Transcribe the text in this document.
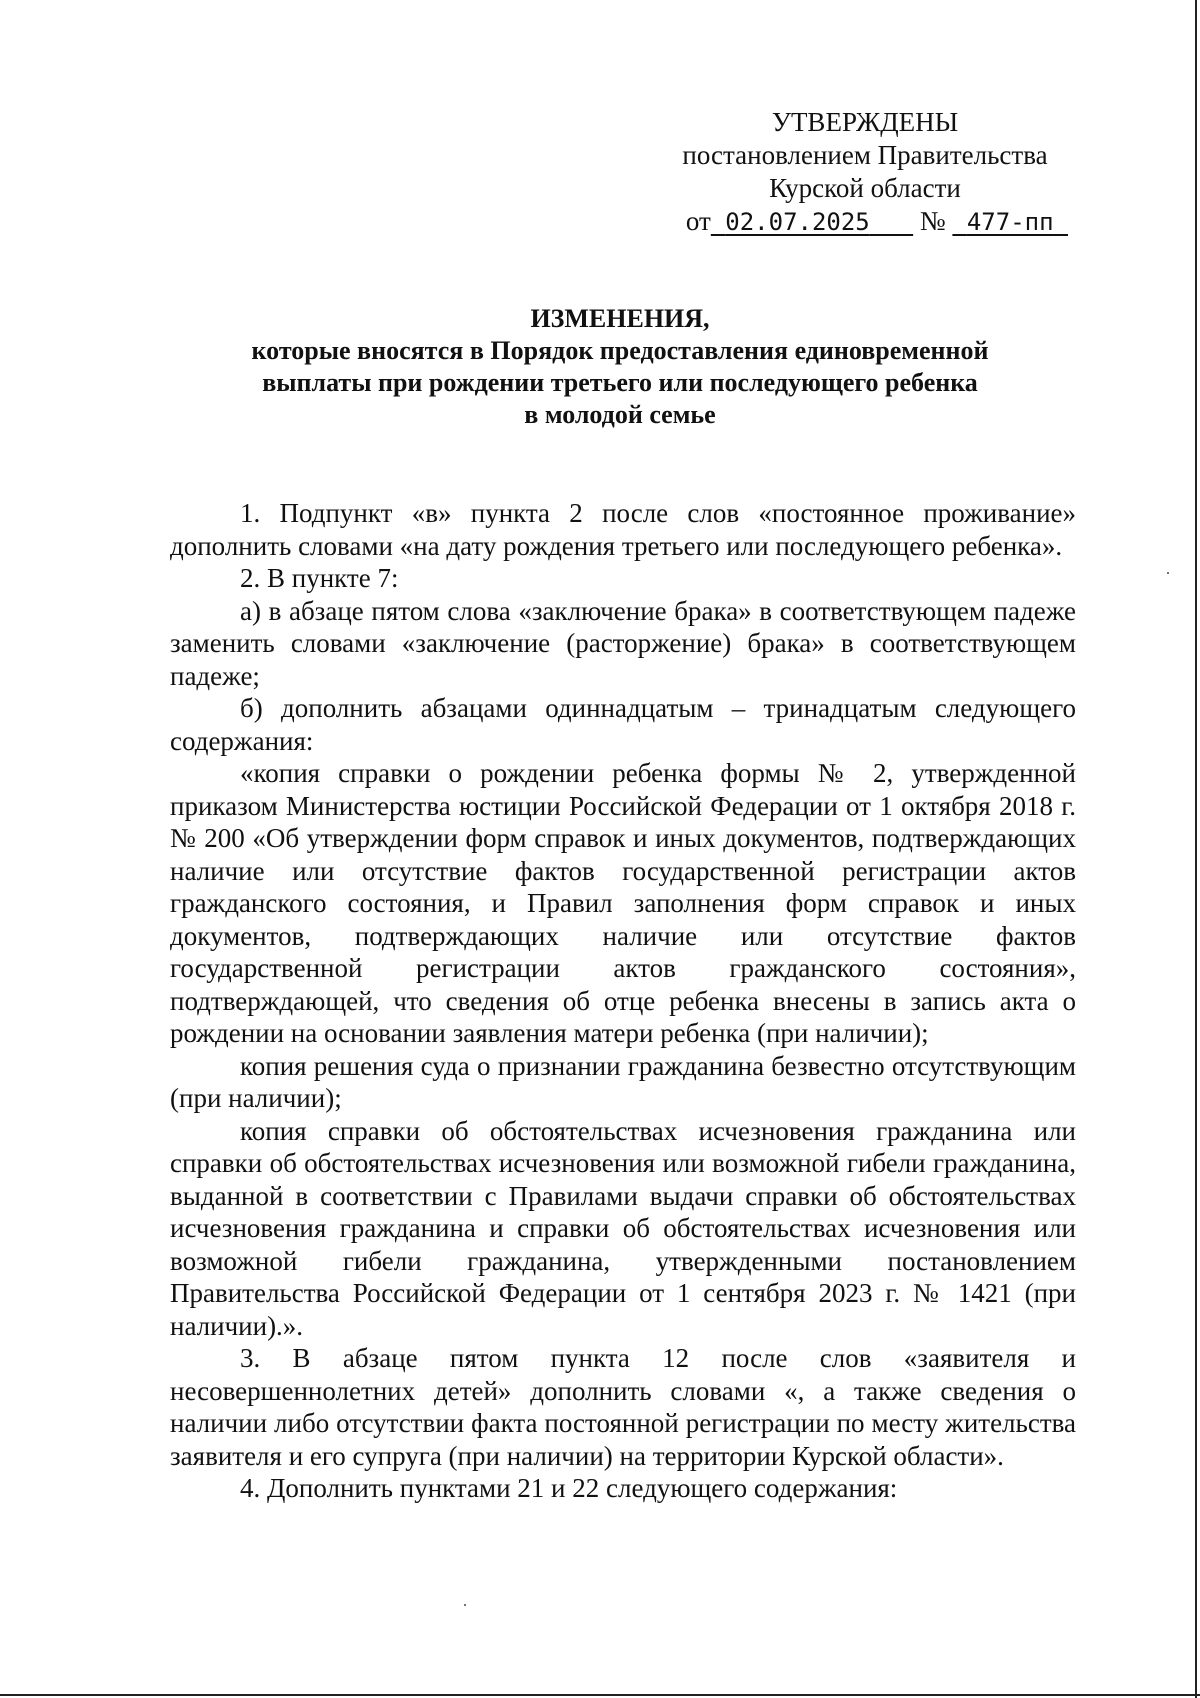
УТВЕРЖДЕНЫ
постановлением Правительства
Курской области
от 02.07.2025 № 477-пп
ИЗМЕНЕНИЯ,
которые вносятся в Порядок предоставления единовременной
выплаты при рождении третьего или последующего ребенка
в молодой семье

1. Подпункт «в» пункта 2 после слов «постоянное проживание» дополнить словами «на дату рождения третьего или последующего ребенка».

2. В пункте 7:

а) в абзаце пятом слова «заключение брака» в соответствующем падеже заменить словами «заключение (расторжение) брака» в соответствующем падеже;

б) дополнить абзацами одиннадцатым – тринадцатым следующего содержания:

«копия справки о рождении ребенка формы № 2, утвержденной приказом Министерства юстиции Российской Федерации от 1 октября 2018 г. № 200 «Об утверждении форм справок и иных документов, подтверждающих наличие или отсутствие фактов государственной регистрации актов гражданского состояния, и Правил заполнения форм справок и иных документов, подтверждающих наличие или отсутствие фактов государственной регистрации актов гражданского состояния», подтверждающей, что сведения об отце ребенка внесены в запись акта о рождении на основании заявления матери ребенка (при наличии);

копия решения суда о признании гражданина безвестно отсутствующим (при наличии);

копия справки об обстоятельствах исчезновения гражданина или справки об обстоятельствах исчезновения или возможной гибели гражданина, выданной в соответствии с Правилами выдачи справки об обстоятельствах исчезновения гражданина и справки об обстоятельствах исчезновения или возможной гибели гражданина, утвержденными постановлением Правительства Российской Федерации от 1 сентября 2023 г. № 1421 (при наличии).».

3. В абзаце пятом пункта 12 после слов «заявителя и несовершеннолетних детей» дополнить словами «, а также сведения о наличии либо отсутствии факта постоянной регистрации по месту жительства заявителя и его супруга (при наличии) на территории Курской области».

4. Дополнить пунктами 21 и 22 следующего содержания:
